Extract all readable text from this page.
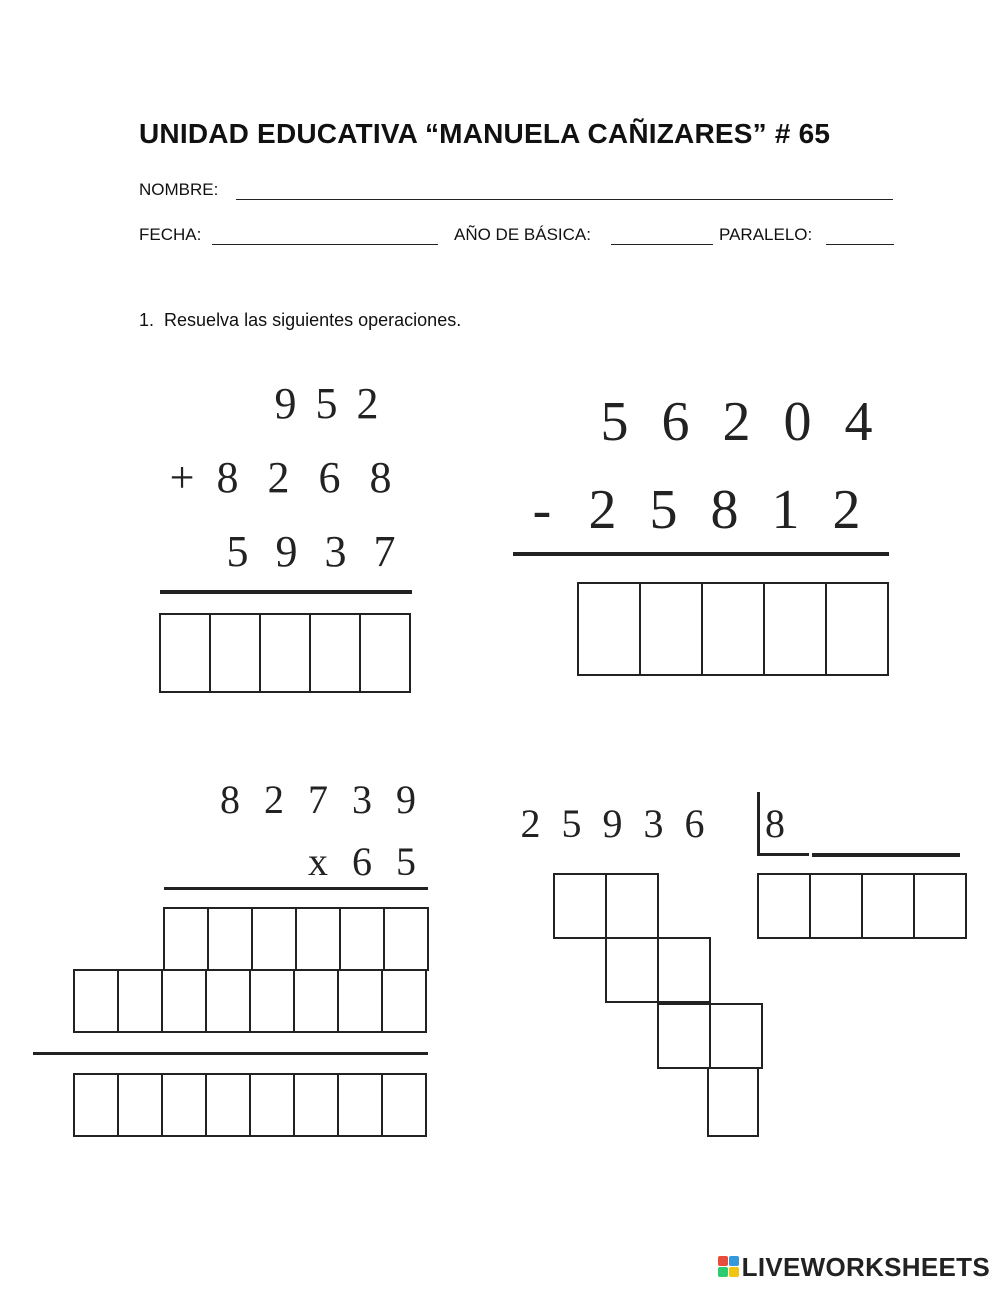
UNIDAD EDUCATIVA “MANUELA CAÑIZARES” # 65
NOMBRE:
FECHA:	AÑO DE BÁSICA:	PARALELO:
1. Resuelva las siguientes operaciones.
9 5 2
+ 8 2 6 8
5 9 3 7
5 6 2 0 4
- 2 5 8 1 2
8 2 7 3 9
x 6 5
2 5 9 3 6 8
LIVEWORKSHEETS
